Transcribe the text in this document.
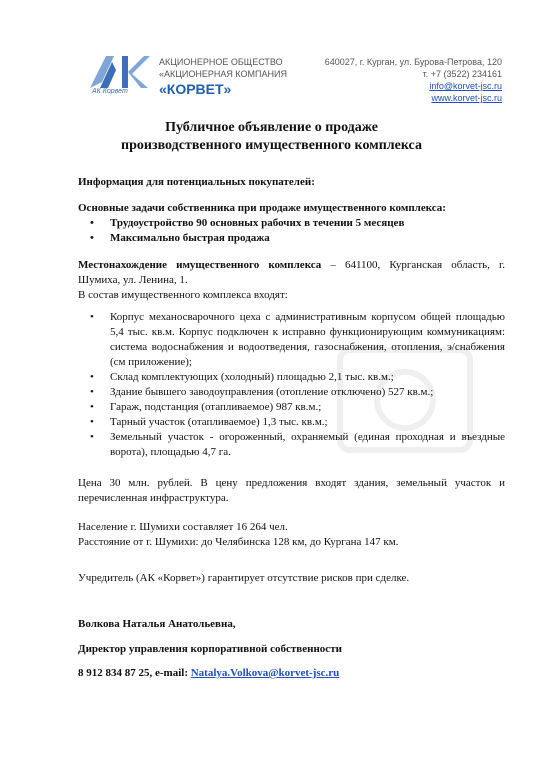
АК Корвет
АКЦИОНЕРНОЕ ОБЩЕСТВО
«АКЦИОНЕРНАЯ КОМПАНИЯ
«КОРВЕТ»
640027, г. Курган, ул. Бурова-Петрова, 120
т. +7 (3522) 234161
info@korvet-jsc.ru
www.korvet-jsc.ru
Публичное объявление о продаже
производственного имущественного комплекса
Информация для потенциальных покупателей:
Основные задачи собственника при продаже имущественного комплекса:
• Трудоустройство 90 основных рабочих в течении 5 месяцев
• Максимально быстрая продажа
Местонахождение имущественного комплекса – 641100, Курганская область, г. Шумиха, ул. Ленина, 1.
В состав имущественного комплекса входят:
• Корпус механосварочного цеха с административным корпусом общей площадью 5,4 тыс. кв.м. Корпус подключен к исправно функционирующим коммуникациям: система водоснабжения и водоотведения, газоснабжения, отопления, э/снабжения (см приложение);
• Склад комплектующих (холодный) площадью 2,1 тыс. кв.м.;
• Здание бывшего заводоуправления (отопление отключено) 527 кв.м.;
• Гараж, подстанция (отапливаемое) 987 кв.м.;
• Тарный участок (отапливаемое) 1,3 тыс. кв.м.;
• Земельный участок - огороженный, охраняемый (единая проходная и въездные ворота), площадью 4,7 га.
Цена 30 млн. рублей. В цену предложения входят здания, земельный участок и перечисленная инфраструктура.
Население г. Шумихи составляет 16 264 чел.
Расстояние от г. Шумихи: до Челябинска 128 км, до Кургана 147 км.
Учредитель (АК «Корвет») гарантирует отсутствие рисков при сделке.
Волкова Наталья Анатольевна,
Директор управления корпоративной собственности
8 912 834 87 25, e-mail: Natalya.Volkova@korvet-jsc.ru
